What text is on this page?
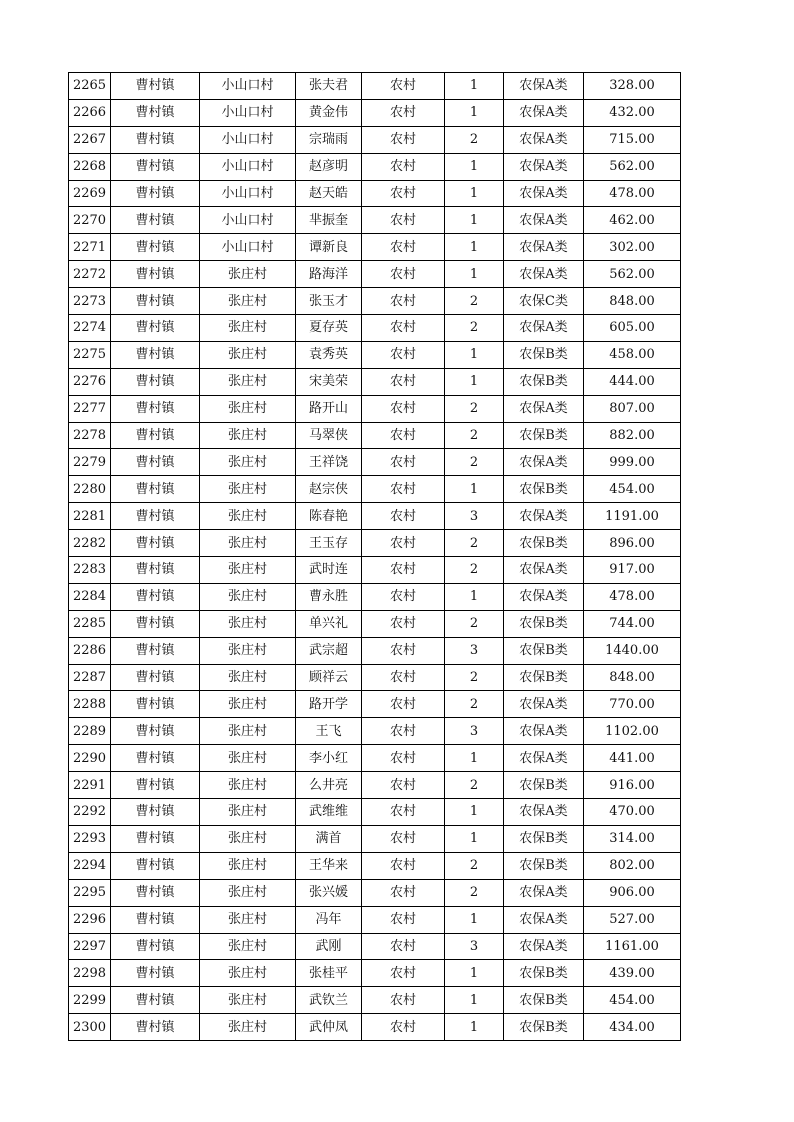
2265	曹村镇	小山口村	张夫君	农村	1	农保A类	328.00
2266	曹村镇	小山口村	黄金伟	农村	1	农保A类	432.00
2267	曹村镇	小山口村	宗瑞雨	农村	2	农保A类	715.00
2268	曹村镇	小山口村	赵彦明	农村	1	农保A类	562.00
2269	曹村镇	小山口村	赵天皓	农村	1	农保A类	478.00
2270	曹村镇	小山口村	芈振奎	农村	1	农保A类	462.00
2271	曹村镇	小山口村	谭新良	农村	1	农保A类	302.00
2272	曹村镇	张庄村	路海洋	农村	1	农保A类	562.00
2273	曹村镇	张庄村	张玉才	农村	2	农保C类	848.00
2274	曹村镇	张庄村	夏存英	农村	2	农保A类	605.00
2275	曹村镇	张庄村	袁秀英	农村	1	农保B类	458.00
2276	曹村镇	张庄村	宋美荣	农村	1	农保B类	444.00
2277	曹村镇	张庄村	路开山	农村	2	农保A类	807.00
2278	曹村镇	张庄村	马翠侠	农村	2	农保B类	882.00
2279	曹村镇	张庄村	王祥饶	农村	2	农保A类	999.00
2280	曹村镇	张庄村	赵宗侠	农村	1	农保B类	454.00
2281	曹村镇	张庄村	陈春艳	农村	3	农保A类	1191.00
2282	曹村镇	张庄村	王玉存	农村	2	农保B类	896.00
2283	曹村镇	张庄村	武时连	农村	2	农保A类	917.00
2284	曹村镇	张庄村	曹永胜	农村	1	农保A类	478.00
2285	曹村镇	张庄村	单兴礼	农村	2	农保B类	744.00
2286	曹村镇	张庄村	武宗超	农村	3	农保B类	1440.00
2287	曹村镇	张庄村	顾祥云	农村	2	农保B类	848.00
2288	曹村镇	张庄村	路开学	农村	2	农保A类	770.00
2289	曹村镇	张庄村	王飞	农村	3	农保A类	1102.00
2290	曹村镇	张庄村	李小红	农村	1	农保A类	441.00
2291	曹村镇	张庄村	么井亮	农村	2	农保B类	916.00
2292	曹村镇	张庄村	武维维	农村	1	农保A类	470.00
2293	曹村镇	张庄村	满首	农村	1	农保B类	314.00
2294	曹村镇	张庄村	王华来	农村	2	农保B类	802.00
2295	曹村镇	张庄村	张兴媛	农村	2	农保A类	906.00
2296	曹村镇	张庄村	冯年	农村	1	农保A类	527.00
2297	曹村镇	张庄村	武刚	农村	3	农保A类	1161.00
2298	曹村镇	张庄村	张桂平	农村	1	农保B类	439.00
2299	曹村镇	张庄村	武钦兰	农村	1	农保B类	454.00
2300	曹村镇	张庄村	武仲凤	农村	1	农保B类	434.00
